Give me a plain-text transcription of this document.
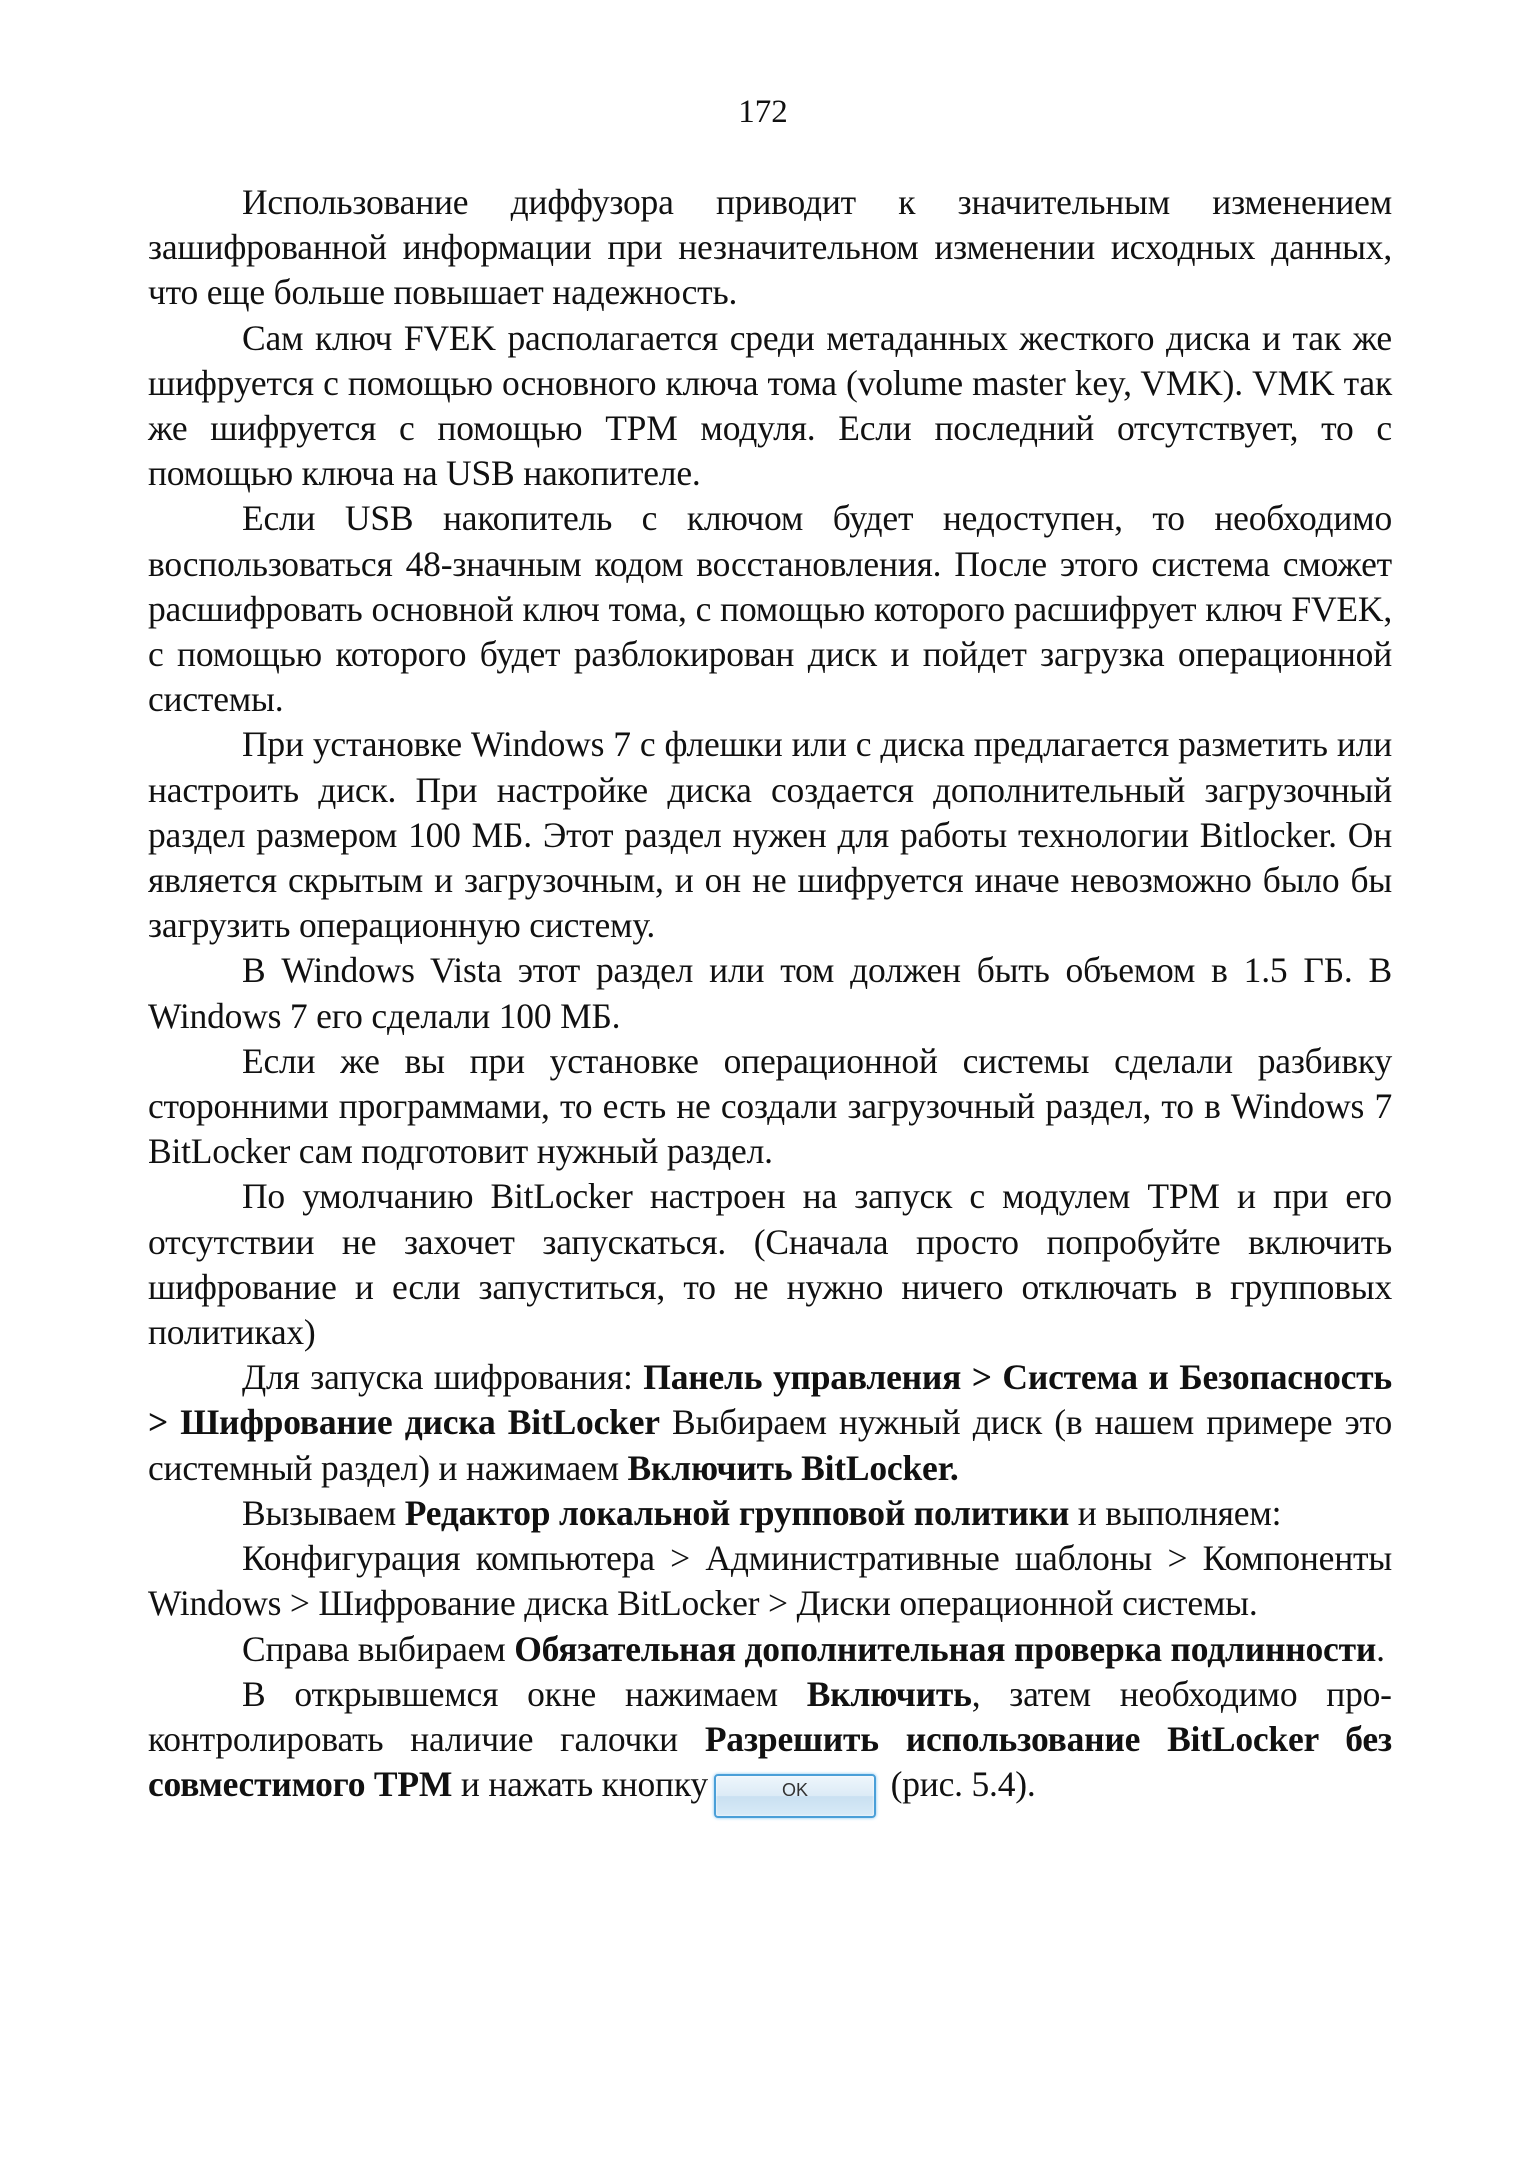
172

Использование диффузора приводит к значительным изменением зашифрованной информации при незначительном изменении исходных данных, что еще больше повышает надежность.

Сам ключ FVEK располагается среди метаданных жесткого диска и так же шифруется с помощью основного ключа тома (volume master key, VMK). VMK так же шифруется с помощью TPM модуля. Если последний отсутствует, то с помощью ключа на USB накопителе.

Если USB накопитель с ключом будет недоступен, то необходимо воспользоваться 48-значным кодом восстановления. После этого система сможет расшифровать основной ключ тома, с помощью которого расшифрует ключ FVEK, с помощью которого будет разблокирован диск и пойдет загрузка операционной системы.

При установке Windows 7 с флешки или с диска предлагается разметить или настроить диск. При настройке диска создается дополнительный загрузочный раздел размером 100 МБ. Этот раздел нужен для работы технологии Bitlocker. Он является скрытым и загрузочным, и он не шифруется иначе невозможно было бы загрузить операционную систему.

В Windows Vista этот раздел или том должен быть объемом в 1.5 ГБ. В Windows 7 его сделали 100 МБ.

Если же вы при установке операционной системы сделали разбивку сторонними программами, то есть не создали загрузочный раздел, то в Windows 7 BitLocker сам подготовит нужный раздел.

По умолчанию BitLocker настроен на запуск с модулем TPM и при его отсутствии не захочет запускаться. (Сначала просто попробуйте включить шифрование и если запуститься, то не нужно ничего отключать в групповых политиках)

Для запуска шифрования: Панель управления > Система и Безопасность > Шифрование диска BitLocker Выбираем нужный диск (в нашем примере это системный раздел) и нажимаем Включить BitLocker.

Вызываем Редактор локальной групповой политики и выполняем:

Конфигурация компьютера > Административные шаблоны > Компоненты Windows > Шифрование диска BitLocker > Диски операционной системы.

Справа выбираем Обязательная дополнительная проверка подлинности.

В открывшемся окне нажимаем Включить, затем необходимо проконтролировать наличие галочки Разрешить использование BitLocker без совместимого TPM и нажать кнопку	OK (рис. 5.4).
